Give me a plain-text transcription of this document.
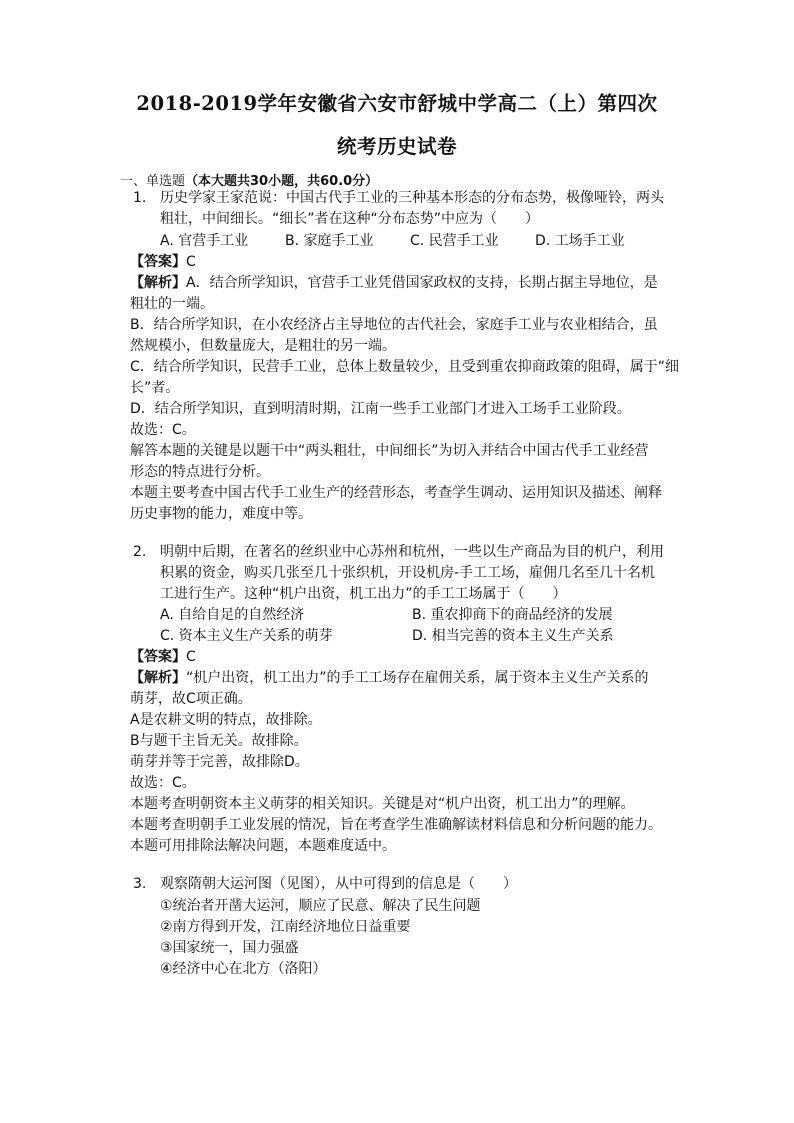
2018-2019学年安徽省六安市舒城中学高二（上）第四次
统考历史试卷
一、单选题（本大题共30小题，共60.0分）
1. 历史学家王家范说：中国古代手工业的三种基本形态的分布态势，极像哑铃，两头
粗壮，中间细长。“细长”者在这种“分布态势”中应为（　　）
A. 官营手工业	B. 家庭手工业	C. 民营手工业	D. 工场手工业
【答案】C
【解析】A．结合所学知识，官营手工业凭借国家政权的支持，长期占据主导地位，是
粗壮的一端。
B．结合所学知识，在小农经济占主导地位的古代社会，家庭手工业与农业相结合，虽
然规模小，但数量庞大，是粗壮的另一端。
C．结合所学知识，民营手工业，总体上数量较少，且受到重农抑商政策的阻碍，属于“细
长”者。
D．结合所学知识，直到明清时期，江南一些手工业部门才进入工场手工业阶段。
故选：C。
解答本题的关键是以题干中“两头粗壮，中间细长”为切入并结合中国古代手工业经营
形态的特点进行分析。
本题主要考查中国古代手工业生产的经营形态，考查学生调动、运用知识及描述、阐释
历史事物的能力，难度中等。
2. 明朝中后期，在著名的丝织业中心苏州和杭州，一些以生产商品为目的机户，利用
积累的资金，购买几张至几十张织机，开设机房-手工工场，雇佣几名至几十名机
工进行生产。这种“机户出资，机工出力”的手工工场属于（　　）
A. 自给自足的自然经济	B. 重农抑商下的商品经济的发展
C. 资本主义生产关系的萌芽	D. 相当完善的资本主义生产关系
【答案】C
【解析】“机户出资，机工出力”的手工工场存在雇佣关系，属于资本主义生产关系的
萌芽，故C项正确。
A是农耕文明的特点，故排除。
B与题干主旨无关。故排除。
萌芽并等于完善，故排除D。
故选：C。
本题考查明朝资本主义萌芽的相关知识。关键是对“机户出资，机工出力”的理解。
本题考查明朝手工业发展的情况，旨在考查学生准确解读材料信息和分析问题的能力。
本题可用排除法解决问题，本题难度适中。
3. 观察隋朝大运河图（见图），从中可得到的信息是（　　）
①统治者开凿大运河，顺应了民意、解决了民生问题
②南方得到开发，江南经济地位日益重要
③国家统一，国力强盛
④经济中心在北方（洛阳）
